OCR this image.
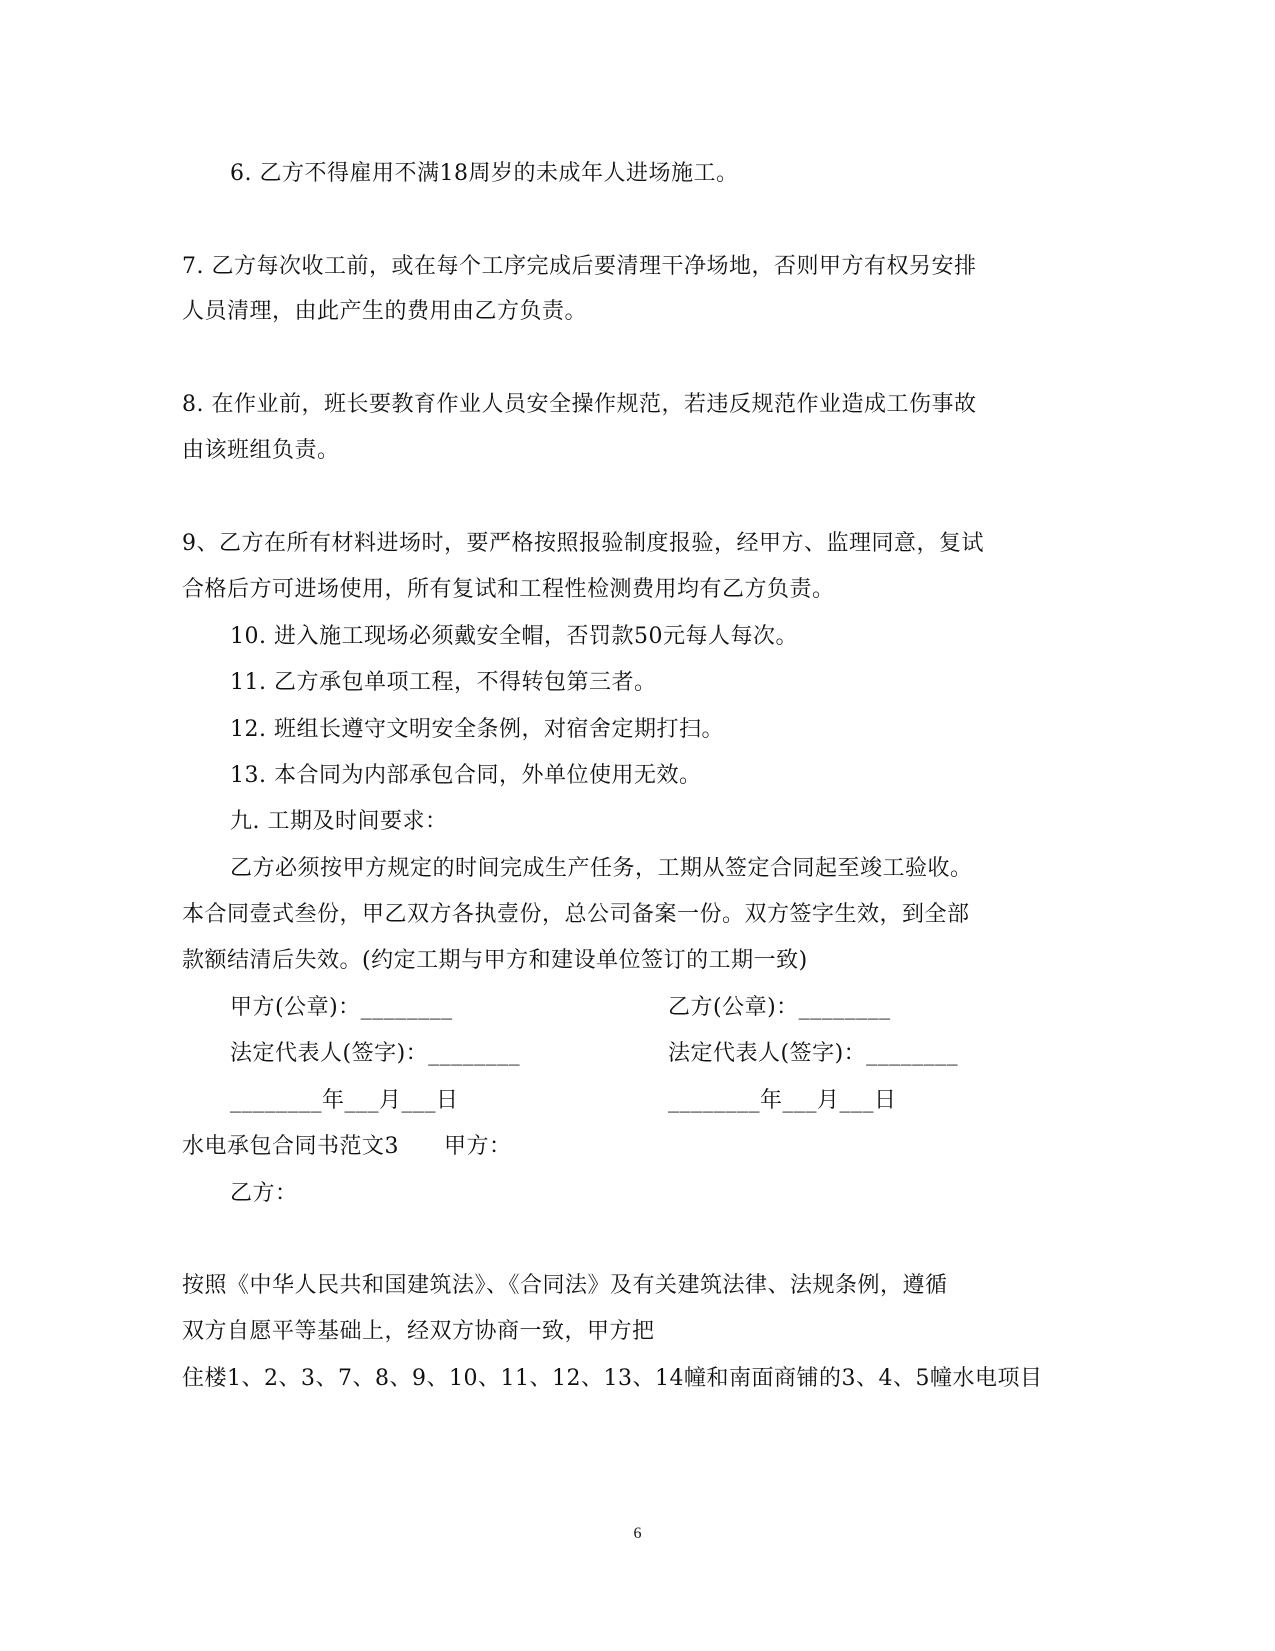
6. 乙方不得雇用不满18周岁的未成年人进场施工。
7. 乙方每次收工前，或在每个工序完成后要清理干净场地，否则甲方有权另安排
人员清理，由此产生的费用由乙方负责。
8. 在作业前，班长要教育作业人员安全操作规范，若违反规范作业造成工伤事故
由该班组负责。
9、乙方在所有材料进场时，要严格按照报验制度报验，经甲方、监理同意，复试
合格后方可进场使用，所有复试和工程性检测费用均有乙方负责。
10. 进入施工现场必须戴安全帽，否罚款50元每人每次。
11. 乙方承包单项工程，不得转包第三者。
12. 班组长遵守文明安全条例，对宿舍定期打扫。
13. 本合同为内部承包合同，外单位使用无效。
九. 工期及时间要求：
乙方必须按甲方规定的时间完成生产任务，工期从签定合同起至竣工验收。
本合同壹式叁份，甲乙双方各执壹份，总公司备案一份。双方签字生效，到全部
款额结清后失效。(约定工期与甲方和建设单位签订的工期一致)
甲方(公章)：________	乙方(公章)：________
法定代表人(签字)：________	法定代表人(签字)：________
________年___月___日	________年___月___日
水电承包合同书范文3　　甲方：
乙方：
按照《中华人民共和国建筑法》、《合同法》及有关建筑法律、法规条例，遵循
双方自愿平等基础上，经双方协商一致，甲方把
住楼1、2、3、7、8、9、10、11、12、13、14幢和南面商铺的3、4、5幢水电项目
6
